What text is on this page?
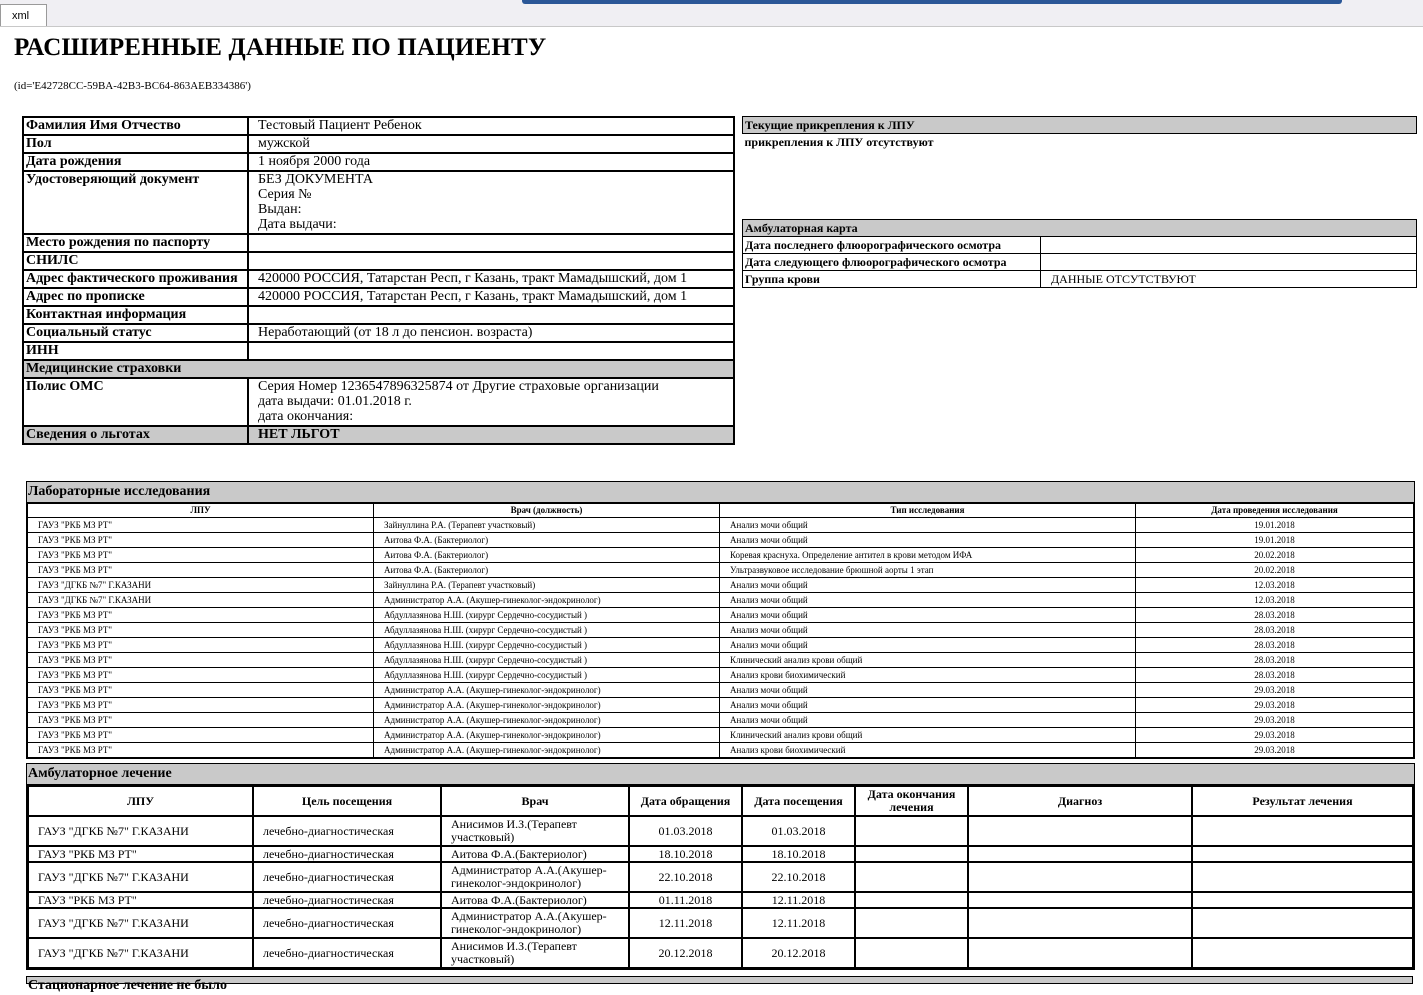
xml
РАСШИРЕННЫЕ ДАННЫЕ ПО ПАЦИЕНТУ
(id='E42728CC-59BA-42B3-BC64-863AEB334386')
Фамилия Имя Отчество	Тестовый Пациент Ребенок
Пол	мужской
Дата рождения	1 ноября 2000 года
Удостоверяющий документ	БЕЗ ДОКУМЕНТА
Серия №
Выдан:
Дата выдачи:
Место рождения по паспорту	
СНИЛС	
Адрес фактического проживания	420000 РОССИЯ, Татарстан Респ, г Казань, тракт Мамадышский, дом 1
Адрес по прописке	420000 РОССИЯ, Татарстан Респ, г Казань, тракт Мамадышский, дом 1
Контактная информация	
Социальный статус	Неработающий (от 18 л до пенсион. возраста)
ИНН	
Медицинские страховки	
Полис ОМС	Серия Номер 1236547896325874 от Другие страховые организации
дата выдачи: 01.01.2018 г.
дата окончания:
Сведения о льготах	НЕТ ЛЬГОТ
Текущие прикрепления к ЛПУ
прикрепления к ЛПУ отсутствуют
Амбулаторная карта	
Дата последнего флюорографического осмотра	
Дата следующего флюорографического осмотра	
Группа крови	ДАННЫЕ ОТСУТСТВУЮТ
Лабораторные исследования
ЛПУ	Врач (должность)	Тип исследования	Дата проведения исследования
ГАУЗ "РКБ МЗ РТ"	Зайнуллина Р.А. (Терапевт участковый)	Анализ мочи общий	19.01.2018
ГАУЗ "РКБ МЗ РТ"	Аитова Ф.А. (Бактериолог)	Анализ мочи общий	19.01.2018
ГАУЗ "РКБ МЗ РТ"	Аитова Ф.А. (Бактериолог)	Коревая краснуха. Определение антител в крови методом ИФА	20.02.2018
ГАУЗ "РКБ МЗ РТ"	Аитова Ф.А. (Бактериолог)	Ультразвуковое исследование брюшной аорты 1 этап	20.02.2018
ГАУЗ "ДГКБ №7" Г.КАЗАНИ	Зайнуллина Р.А. (Терапевт участковый)	Анализ мочи общий	12.03.2018
ГАУЗ "ДГКБ №7" Г.КАЗАНИ	Администратор А.А. (Акушер-гинеколог-эндокринолог)	Анализ мочи общий	12.03.2018
ГАУЗ "РКБ МЗ РТ"	Абдуллазянова Н.Ш. (хирург Сердечно-сосудистый )	Анализ мочи общий	28.03.2018
ГАУЗ "РКБ МЗ РТ"	Абдуллазянова Н.Ш. (хирург Сердечно-сосудистый )	Анализ мочи общий	28.03.2018
ГАУЗ "РКБ МЗ РТ"	Абдуллазянова Н.Ш. (хирург Сердечно-сосудистый )	Анализ мочи общий	28.03.2018
ГАУЗ "РКБ МЗ РТ"	Абдуллазянова Н.Ш. (хирург Сердечно-сосудистый )	Клинический анализ крови общий	28.03.2018
ГАУЗ "РКБ МЗ РТ"	Абдуллазянова Н.Ш. (хирург Сердечно-сосудистый )	Анализ крови биохимический	28.03.2018
ГАУЗ "РКБ МЗ РТ"	Администратор А.А. (Акушер-гинеколог-эндокринолог)	Анализ мочи общий	29.03.2018
ГАУЗ "РКБ МЗ РТ"	Администратор А.А. (Акушер-гинеколог-эндокринолог)	Анализ мочи общий	29.03.2018
ГАУЗ "РКБ МЗ РТ"	Администратор А.А. (Акушер-гинеколог-эндокринолог)	Анализ мочи общий	29.03.2018
ГАУЗ "РКБ МЗ РТ"	Администратор А.А. (Акушер-гинеколог-эндокринолог)	Клинический анализ крови общий	29.03.2018
ГАУЗ "РКБ МЗ РТ"	Администратор А.А. (Акушер-гинеколог-эндокринолог)	Анализ крови биохимический	29.03.2018
Амбулаторное лечение
ЛПУ	Цель посещения	Врач	Дата обращения	Дата посещения	Дата окончания лечения	Диагноз	Результат лечения
ГАУЗ "ДГКБ №7" Г.КАЗАНИ	лечебно-диагностическая	Анисимов И.З.(Терапевт участковый)	01.03.2018	01.03.2018			
ГАУЗ "РКБ МЗ РТ"	лечебно-диагностическая	Аитова Ф.А.(Бактериолог)	18.10.2018	18.10.2018			
ГАУЗ "ДГКБ №7" Г.КАЗАНИ	лечебно-диагностическая	Администратор А.А.(Акушер-гинеколог-эндокринолог)	22.10.2018	22.10.2018			
ГАУЗ "РКБ МЗ РТ"	лечебно-диагностическая	Аитова Ф.А.(Бактериолог)	01.11.2018	12.11.2018			
ГАУЗ "ДГКБ №7" Г.КАЗАНИ	лечебно-диагностическая	Администратор А.А.(Акушер-гинеколог-эндокринолог)	12.11.2018	12.11.2018			
ГАУЗ "ДГКБ №7" Г.КАЗАНИ	лечебно-диагностическая	Анисимов И.З.(Терапевт участковый)	20.12.2018	20.12.2018			
Стационарное лечение не было
